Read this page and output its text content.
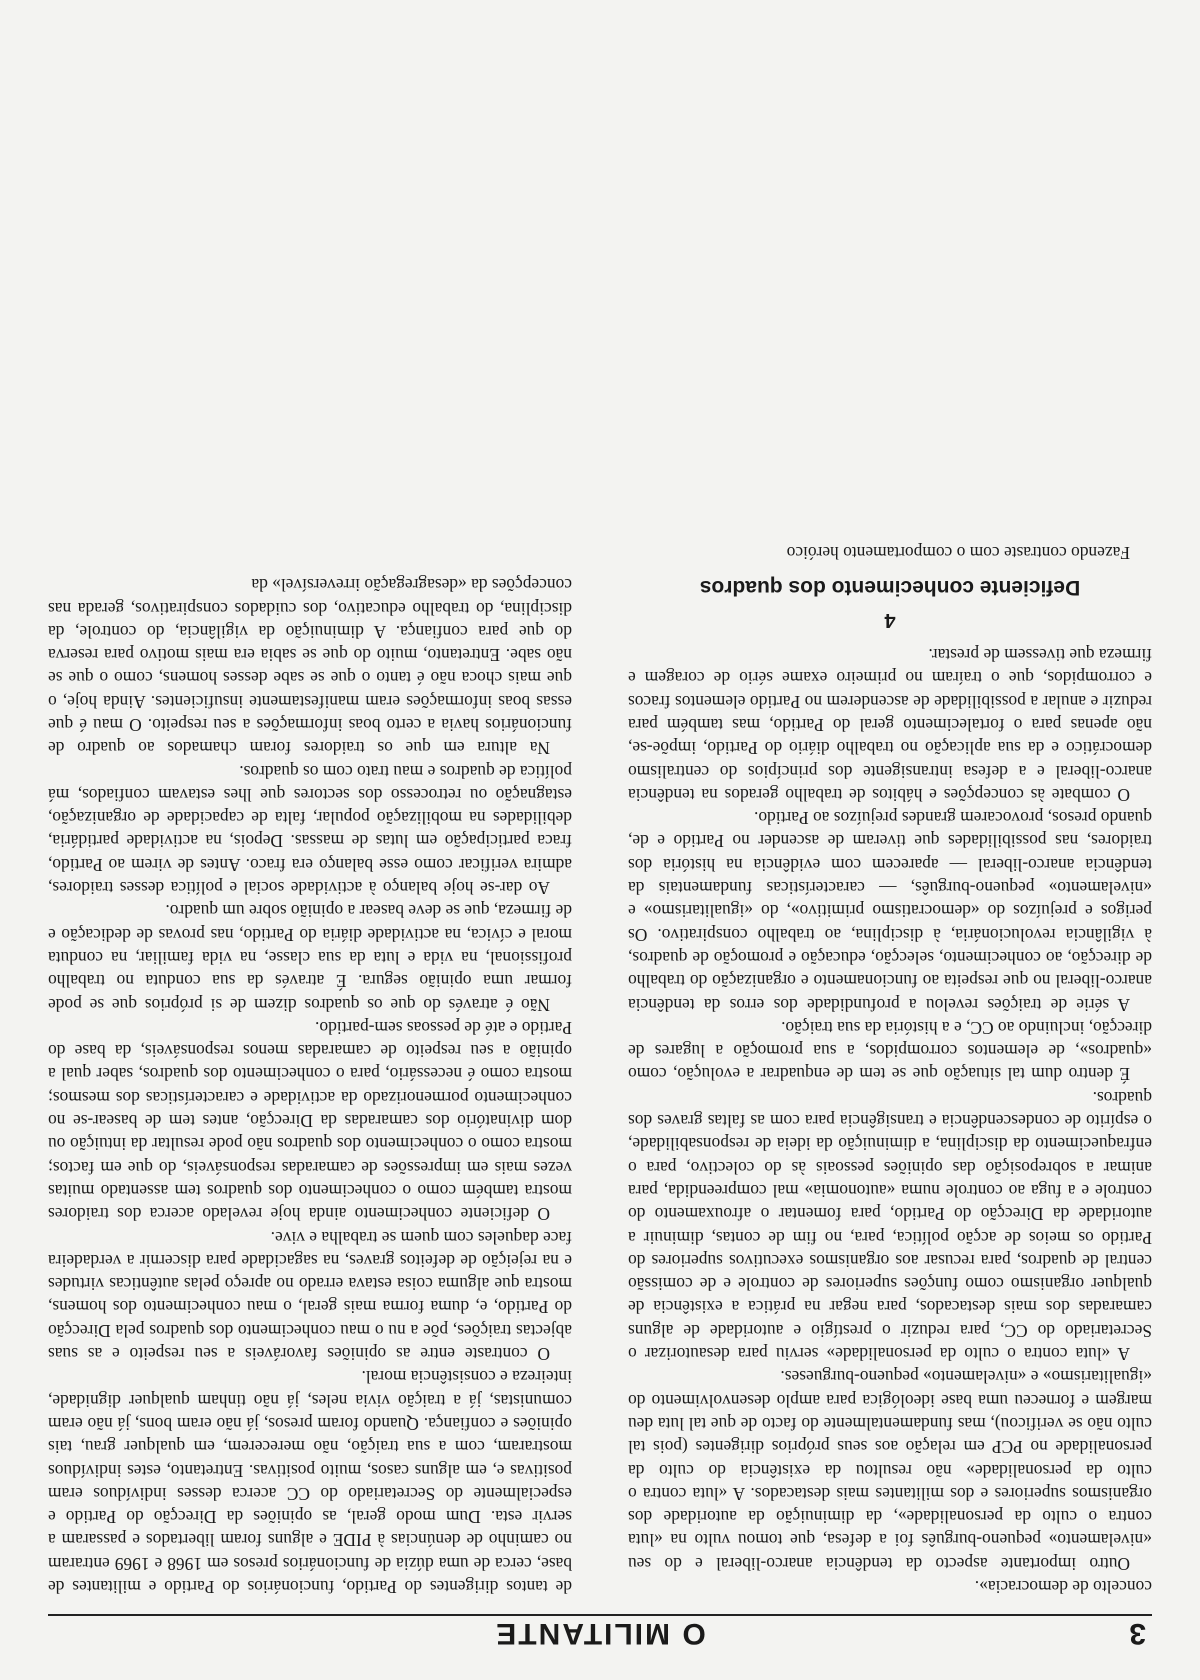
3
O MILITANTE

concelto de democracia».

Outro importante aspecto da tendência anarco-liberal e do seu «nivelamento» pequeno-burguês foi a defesa, que tomou vulto na «luta contra o culto da personalidade», da diminuição da autoridade dos organismos superiores e dos militantes mais destacados. A «luta contra o culto da personalidade» não resultou da existência do culto da personalidade no PCP em relação aos seus próprios dirigentes (pois tal culto não se verificou), mas fundamentalmente do facto de que tal luta deu margem e forneceu uma base ideológica para amplo desenvolvimento do «igualitarismo» e «nivelamento» pequeno-burgueses.

A «luta contra o culto da personalidade» serviu para desautorizar o Secretariado do CC, para reduzir o prestígio e autoridade de alguns camaradas dos mais destacados, para negar na prática a existência de qualquer organismo como funções superiores de controle e de comissão central de quadros, para recusar aos organismos executivos superiores do Partido os meios de acção política, para, no fim de contas, diminuir a autoridade da Direcção do Partido, para fomentar o afrouxamento do controle e a fuga ao controle numa «autonomia» mal compreendida, para animar a sobreposição das opiniões pessoais às do colectivo, para o enfraquecimento da disciplina, a diminuição da ideia de responsabilidade, o espírito de condescendência e transigência para com as faltas graves dos quadros.

É dentro dum tal situação que se tem de enquadrar a evolução, como «quadros», de elementos corrompidos, a sua promoção a lugares de direcção, incluindo ao CC, e a história da sua traição.

A série de traições revelou a profundidade dos erros da tendência anarco-liberal no que respeita ao funcionamento e organização do trabalho de direcção, ao conhecimento, selecção, educação e promoção de quadros, à vigilância revolucionária, à disciplina, ao trabalho conspirativo. Os perigos e prejuízos do «democratismo primitivo», do «igualitarismo» e «nivelamento» pequeno-burguês, — características fundamentais da tendência anarco-liberal — aparecem com evidência na história dos traidores, nas possibilidades que tiveram de ascender no Partido e de, quando presos, provocarem grandes prejuízos ao Partido.

O combate às concepções e hábitos de trabalho gerados na tendência anarco-liberal e a defesa intransigente dos princípios do centralismo democrático e da sua aplicação no trabalho diário do Partido, impõe-se, não apenas para o fortalecimento geral do Partido, mas também para reduzir e anular a possibilidade de ascenderem no Partido elementos fracos e corrompidos, que o traíram no primeiro exame sério de coragem e firmeza que tivessem de prestar.

4
Deficiente conhecimento dos quadros

Fazendo contraste com o comportamento heróico

de tantos dirigentes do Partido, funcionários do Partido e militantes de base, cerca de uma dúzia de funcionários presos em 1968 e 1969 entraram no caminho de denúncias à PIDE e alguns foram libertados e passaram a servir esta. Dum modo geral, as opiniões da Direcção do Partido e especialmente do Secretariado do CC acerca desses indivíduos eram positivas e, em alguns casos, muito positivas. Entretanto, estes indivíduos mostraram, com a sua traição, não merecerem, em qualquer grau, tais opiniões e confiança. Quando foram presos, já não eram bons, já não eram comunistas, já a traição vivia neles, já não tinham qualquer dignidade, inteireza e consistência moral.

O contraste entre as opiniões favoráveis a seu respeito e as suas abjectas traições, põe a nu o mau conhecimento dos quadros pela Direcção do Partido, e, duma forma mais geral, o mau conhecimento dos homens, mostra que alguma coisa estava errado no apreço pelas autênticas virtudes e na rejeição de defeitos graves, na sagacidade para discernir a verdadeira face daqueles com quem se trabalha e vive.

O deficiente conhecimento ainda hoje revelado acerca dos traidores mostra também como o conhecimento dos quadros tem assentado muitas vezes mais em impressões de camaradas responsáveis, do que em factos; mostra como o conhecimento dos quadros não pode resultar da intuição ou dom divinatório dos camaradas da Direcção, antes tem de basear-se no conhecimento pormenorizado da actividade e características dos mesmos; mostra como é necessário, para o conhecimento dos quadros, saber qual a opinião a seu respeito de camaradas menos responsáveis, da base do Partido e até de pessoas sem-partido.

Não é através do que os quadros dizem de si próprios que se pode formar uma opinião segura. É através da sua conduta no trabalho profissional, na vida e luta da sua classe, na vida familiar, na conduta moral e cívica, na actividade diária do Partido, nas provas de dedicação e de firmeza, que se deve basear a opinião sobre um quadro.

Ao dar-se hoje balanço à actividade social e política desses traidores, admira verificar como esse balanço era fraco. Antes de virem ao Partido, fraca participação em lutas de massas. Depois, na actividade partidária, debilidades na mobilização popular, falta de capacidade de organização, estagnação ou retrocesso dos sectores que lhes estavam confiados, má política de quadros e mau trato com os quadros.

Na altura em que os traidores foram chamados ao quadro de funcionários havia a certo boas informações a seu respeito. O mau é que essas boas informações eram manifestamente insuficientes. Ainda hoje, o que mais choca não é tanto o que se sabe desses homens, como o que se não sabe. Entretanto, muito do que se sabia era mais motivo para reserva do que para confiança. A diminuição da vigilância, do controle, da disciplina, do trabalho educativo, dos cuidados conspirativos, gerada nas concepções da «desagregação irreversível» da
